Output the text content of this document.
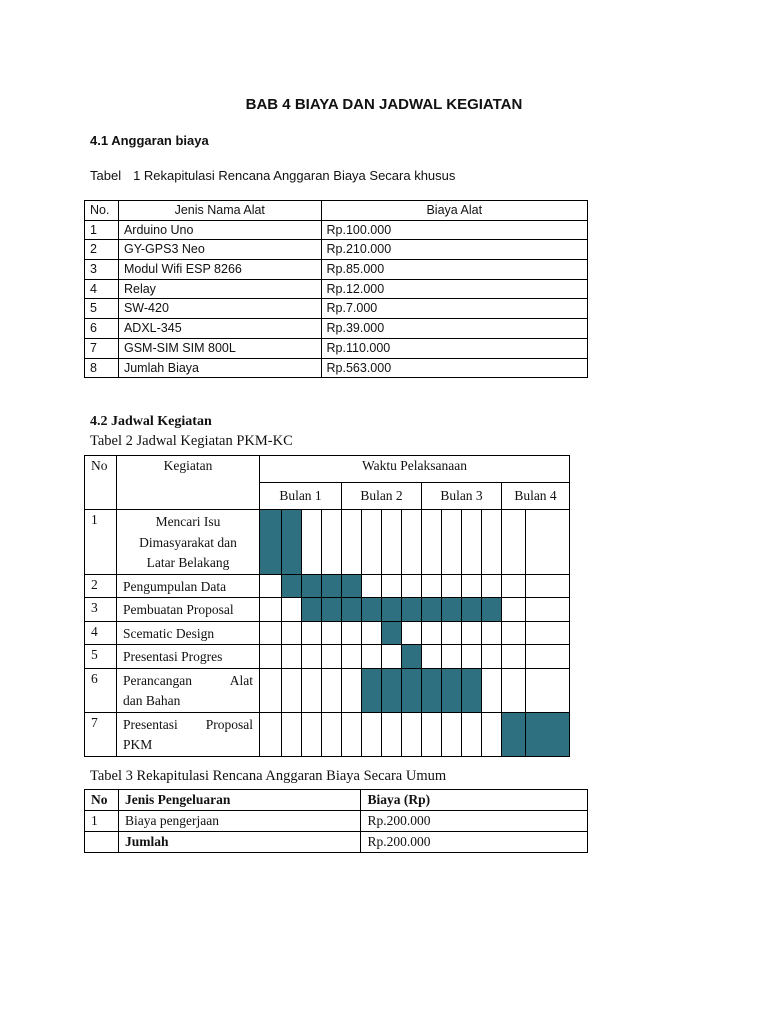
BAB 4 BIAYA DAN JADWAL KEGIATAN
4.1 Anggaran biaya
Tabel 1 Rekapitulasi Rencana Anggaran Biaya Secara khusus
No.	Jenis Nama Alat	Biaya Alat
1	Arduino Uno	Rp.100.000
2	GY-GPS3 Neo	Rp.210.000
3	Modul Wifi ESP 8266	Rp.85.000
4	Relay	Rp.12.000
5	SW-420	Rp.7.000
6	ADXL-345	Rp.39.000
7	GSM-SIM SIM 800L	Rp.110.000
8	Jumlah Biaya	Rp.563.000
4.2 Jadwal Kegiatan
Tabel 2 Jadwal Kegiatan PKM-KC
No	Kegiatan	Waktu Pelaksanaan													
		Bulan 1				Bulan 2				Bulan 3				Bulan 4	
1	Mencari Isu
Dimasyarakat dan
Latar Belakang														

2	Pengumpulan Data														

3	Pembuatan Proposal														

4	Scematic Design														

5	Presentasi Progres														

6	Perancangan Alat
dan Bahan														

7	Presentasi Proposal
PKM														

Tabel 3 Rekapitulasi Rencana Anggaran Biaya Secara Umum
No	Jenis Pengeluaran	Biaya (Rp)
1	Biaya pengerjaan	Rp.200.000
	Jumlah	Rp.200.000
